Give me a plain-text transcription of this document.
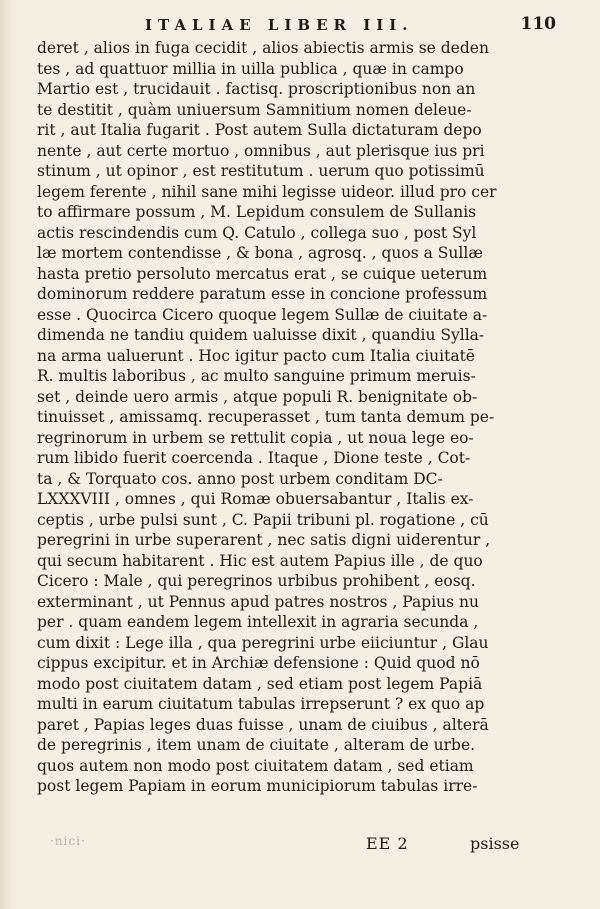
ITALIAE LIBER III.	110
deret , alios in fuga cecidit , alios abiectis armis se deden
tes , ad quattuor millia in uilla publica , quæ in campo
Martio est , trucidauit . factisq. proscriptionibus non an
te destitit , quàm uniuersum Samnitium nomen deleue-
rit , aut Italia fugarit . Post autem Sulla dictaturam depo
nente , aut certe mortuo , omnibus , aut plerisque ius pri
stinum , ut opinor , est restitutum . uerum quo potissimū
legem ferente , nihil sane mihi legisse uideor. illud pro cer
to affirmare possum , M. Lepidum consulem de Sullanis
actis rescindendis cum Q. Catulo , collega suo , post Syl
læ mortem contendisse , & bona , agrosq. , quos a Sullæ
hasta pretio persoluto mercatus erat , se cuique ueterum
dominorum reddere paratum esse in concione professum
esse . Quocirca Cicero quoque legem Sullæ de ciuitate a-
dimenda ne tandiu quidem ualuisse dixit , quandiu Sylla-
na arma ualuerunt . Hoc igitur pacto cum Italia ciuitatē
R. multis laboribus , ac multo sanguine primum meruis-
set , deinde uero armis , atque populi R. benignitate ob-
tinuisset , amissamq. recuperasset , tum tanta demum pe-
regrinorum in urbem se rettulit copia , ut noua lege eo-
rum libido fuerit coercenda . Itaque , Dione teste , Cot-
ta , & Torquato cos. anno post urbem conditam DC-
LXXXVIII , omnes , qui Romæ obuersabantur , Italis ex-
ceptis , urbe pulsi sunt , C. Papii tribuni pl. rogatione , cū
peregrini in urbe superarent , nec satis digni uiderentur ,
qui secum habitarent . Hic est autem Papius ille , de quo
Cicero : Male , qui peregrinos urbibus prohibent , eosq.
exterminant , ut Pennus apud patres nostros , Papius nu
per . quam eandem legem intellexit in agraria secunda ,
cum dixit : Lege illa , qua peregrini urbe eiiciuntur , Glau
cippus excipitur. et in Archiæ defensione : Quid quod nō
modo post ciuitatem datam , sed etiam post legem Papiā
multi in earum ciuitatum tabulas irrepserunt ? ex quo ap
paret , Papias leges duas fuisse , unam de ciuibus , alterā
de peregrinis , item unam de ciuitate , alteram de urbe.
quos autem non modo post ciuitatem datam , sed etiam
post legem Papiam in eorum municipiorum tabulas irre-
·nici·	EE 2	psisse
